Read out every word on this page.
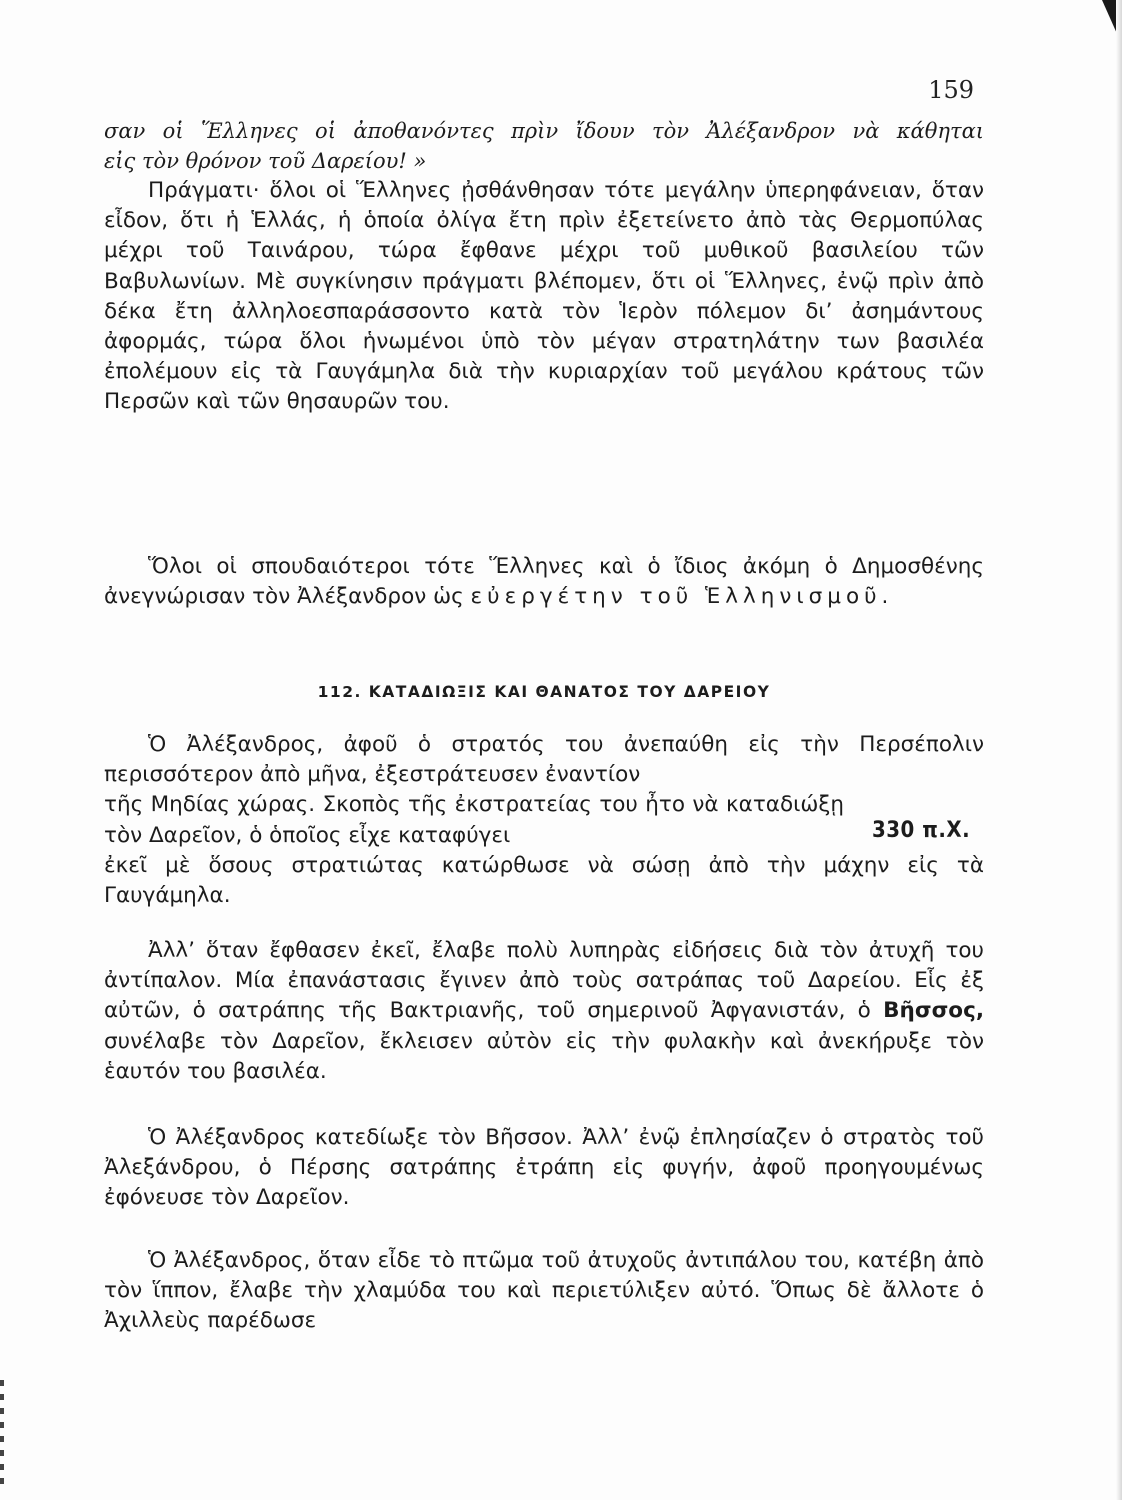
159
σαν οἱ Ἕλληνες οἱ ἀποθανόντες πρὶν ἴδουν τὸν Ἀλέξανδρον νὰ κάθηται
εἰς τὸν θρόνον τοῦ Δαρείου! »

Πράγματι· ὅλοι οἱ Ἕλληνες ᾐσθάνθησαν τότε μεγάλην ὑπερηφάνειαν, ὅταν εἶδον, ὅτι ἡ Ἑλλάς, ἡ ὁποία ὀλίγα ἔτη πρὶν ἐξετείνετο ἀπὸ τὰς Θερμοπύλας μέχρι τοῦ Ταινάρου, τώρα ἔφθανε μέχρι τοῦ μυθικοῦ βασιλείου τῶν Βαβυλωνίων. Μὲ συγκίνησιν πράγματι βλέπομεν, ὅτι οἱ Ἕλληνες, ἐνῷ πρὶν ἀπὸ δέκα ἔτη ἀλληλοεσπαράσσοντο κατὰ τὸν Ἱερὸν πόλεμον δι’ ἀσημάντους ἀφορμάς, τώρα ὅλοι ἡνωμένοι ὑπὸ τὸν μέγαν στρατηλάτην των βασιλέα ἐπολέμουν εἰς τὰ Γαυγάμηλα διὰ τὴν κυριαρχίαν τοῦ μεγάλου κράτους τῶν Περσῶν καὶ τῶν θησαυρῶν του.

Ὅλοι οἱ σπουδαιότεροι τότε Ἕλληνες καὶ ὁ ἴδιος ἀκόμη ὁ Δημοσθένης ἀνεγνώρισαν τὸν Ἀλέξανδρον ὡς εὐεργέτην τοῦ Ἑλληνισμοῦ.

112. ΚΑΤΑΔΙΩΞΙΣ ΚΑΙ ΘΑΝΑΤΟΣ ΤΟΥ ΔΑΡΕΙΟΥ

Ὁ Ἀλέξανδρος, ἀφοῦ ὁ στρατός του ἀνεπαύθη εἰς τὴν Περσέπολιν περισσότερον ἀπὸ μῆνα, ἐξεστράτευσεν ἐναντίον

τῆς Μηδίας χώρας. Σκοπὸς τῆς ἐκστρατείας του ἦτο νὰ καταδιώξῃ τὸν Δαρεῖον, ὁ ὁποῖος εἶχε καταφύγει
ἐκεῖ μὲ ὅσους στρατιώτας κατώρθωσε νὰ σώσῃ ἀπὸ τὴν μάχην εἰς τὰ Γαυγάμηλα.
330 π.Χ.

Ἀλλ’ ὅταν ἔφθασεν ἐκεῖ, ἔλαβε πολὺ λυπηρὰς εἰδήσεις διὰ τὸν ἀτυχῆ του ἀντίπαλον. Μία ἐπανάστασις ἔγινεν ἀπὸ τοὺς σατράπας τοῦ Δαρείου. Εἷς ἐξ αὐτῶν, ὁ σατράπης τῆς Βακτριανῆς, τοῦ σημερινοῦ Ἀφγανιστάν, ὁ Βῆσσος, συνέλαβε τὸν Δαρεῖον, ἔκλεισεν αὐτὸν εἰς τὴν φυλακὴν καὶ ἀνεκήρυξε τὸν ἑαυτόν του βασιλέα.

Ὁ Ἀλέξανδρος κατεδίωξε τὸν Βῆσσον. Ἀλλ’ ἐνῷ ἐπλησίαζεν ὁ στρατὸς τοῦ Ἀλεξάνδρου, ὁ Πέρσης σατράπης ἐτράπη εἰς φυγήν, ἀφοῦ προηγουμένως ἐφόνευσε τὸν Δαρεῖον.

Ὁ Ἀλέξανδρος, ὅταν εἶδε τὸ πτῶμα τοῦ ἀτυχοῦς ἀντιπάλου του, κατέβη ἀπὸ τὸν ἵππον, ἔλαβε τὴν χλαμύδα του καὶ περιετύλιξεν αὐτό. Ὅπως δὲ ἄλλοτε ὁ Ἀχιλλεὺς παρέδωσε
